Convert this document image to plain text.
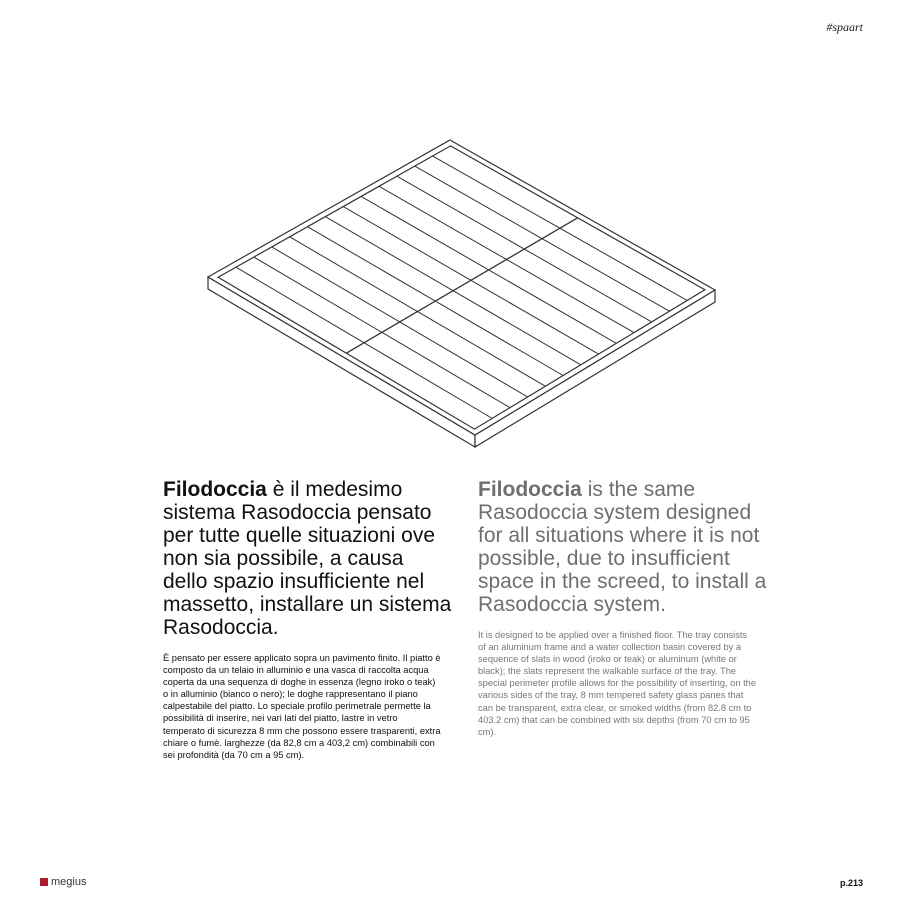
#spaart
Filodoccia è il medesimo sistema Rasodoccia pensato per tutte quelle situazioni ove non sia possibile, a causa dello spazio insufficiente nel massetto, installare un sistema Rasodoccia.

È pensato per essere applicato sopra un pavimento finito. Il piatto è composto da un telaio in alluminio e una vasca di raccolta acqua coperta da una sequenza di doghe in essenza (legno iroko o teak) o in alluminio (bianco o nero); le doghe rappresentano il piano calpestabile del piatto. Lo speciale profilo perimetrale permette la possibilità di inserire, nei vari lati del piatto, lastre in vetro temperato di sicurezza 8 mm che possono essere trasparenti, extra chiare o fumè. larghezze (da 82,8 cm a 403,2 cm) combinabili con sei profondità (da 70 cm a 95 cm).

Filodoccia is the same Rasodoccia system designed for all situations where it is not possible, due to insufficient space in the screed, to install a Rasodoccia system.

It is designed to be applied over a finished floor. The tray consists of an aluminum frame and a water collection basin covered by a sequence of slats in wood (iroko or teak) or aluminum (white or black); the slats represent the walkable surface of the tray. The special perimeter profile allows for the possibility of inserting, on the various sides of the tray, 8 mm tempered safety glass panes that can be transparent, extra clear, or smoked widths (from 82.8 cm to 403.2 cm) that can be combined with six depths (from 70 cm to 95 cm).

megius	p.213
